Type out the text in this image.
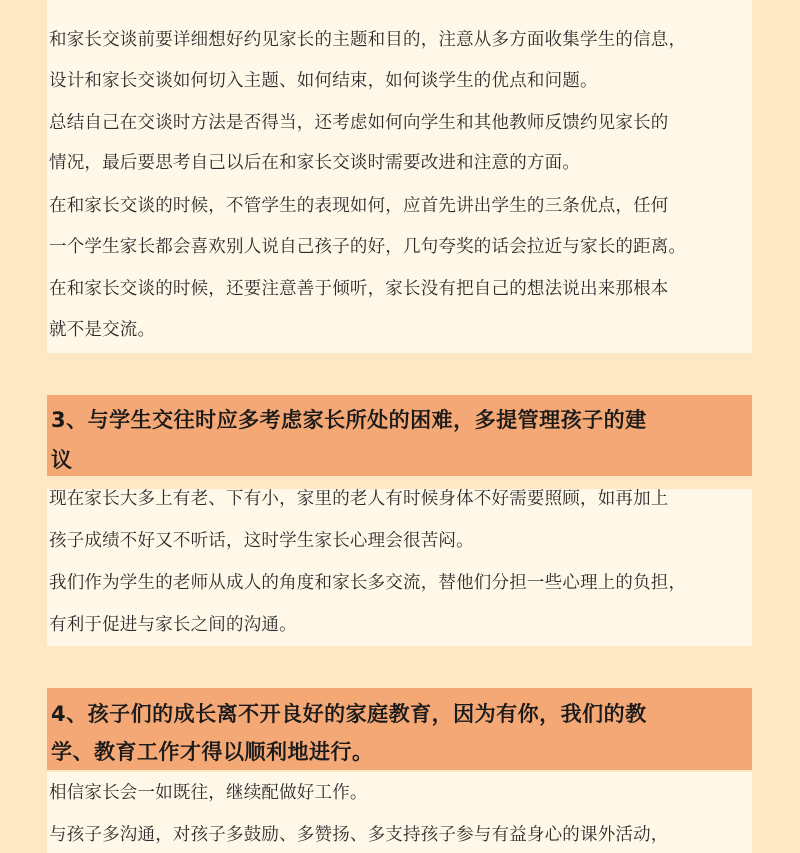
和家长交谈前要详细想好约见家长的主题和目的，注意从多方面收集学生的信息，
设计和家长交谈如何切入主题、如何结束，如何谈学生的优点和问题。
总结自己在交谈时方法是否得当，还考虑如何向学生和其他教师反馈约见家长的
情况，最后要思考自己以后在和家长交谈时需要改进和注意的方面。
在和家长交谈的时候，不管学生的表现如何，应首先讲出学生的三条优点，任何
一个学生家长都会喜欢别人说自己孩子的好，几句夸奖的话会拉近与家长的距离。
在和家长交谈的时候，还要注意善于倾听，家长没有把自己的想法说出来那根本
就不是交流。
3、与学生交往时应多考虑家长所处的困难，多提管理孩子的建
议
现在家长大多上有老、下有小，家里的老人有时候身体不好需要照顾，如再加上
孩子成绩不好又不听话，这时学生家长心理会很苦闷。
我们作为学生的老师从成人的角度和家长多交流，替他们分担一些心理上的负担，
有利于促进与家长之间的沟通。
4、孩子们的成长离不开良好的家庭教育，因为有你，我们的教
学、教育工作才得以顺利地进行。
相信家长会一如既往，继续配做好工作。
与孩子多沟通，对孩子多鼓励、多赞扬、多支持孩子参与有益身心的课外活动，
